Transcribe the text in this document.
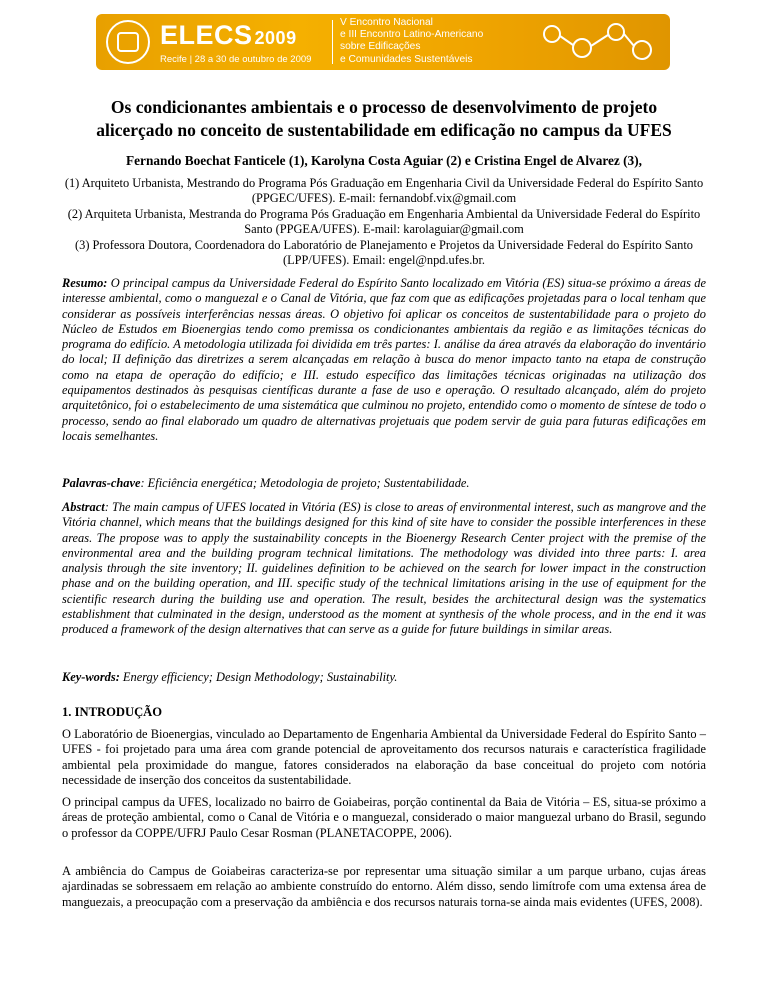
ELECS 2009
Recife | 28 a 30 de outubro de 2009
V Encontro Nacional
e III Encontro Latino-Americano
sobre Edificações
e Comunidades Sustentáveis
Os condicionantes ambientais e o processo de desenvolvimento de projeto
alicerçado no conceito de sustentabilidade em edificação no campus da UFES
Fernando Boechat Fanticele (1), Karolyna Costa Aguiar (2) e Cristina Engel de Alvarez (3),
(1) Arquiteto Urbanista, Mestrando do Programa Pós Graduação em Engenharia Civil da Universidade Federal do Espírito Santo (PPGEC/UFES). E-mail: fernandobf.vix@gmail.com
(2) Arquiteta Urbanista, Mestranda do Programa Pós Graduação em Engenharia Ambiental da Universidade Federal do Espírito Santo (PPGEA/UFES). E-mail: karolaguiar@gmail.com
(3) Professora Doutora, Coordenadora do Laboratório de Planejamento e Projetos da Universidade Federal do Espírito Santo (LPP/UFES). Email: engel@npd.ufes.br.
Resumo: O principal campus da Universidade Federal do Espírito Santo localizado em Vitória (ES) situa-se próximo a áreas de interesse ambiental, como o manguezal e o Canal de Vitória, que faz com que as edificações projetadas para o local tenham que considerar as possíveis interferências nessas áreas. O objetivo foi aplicar os conceitos de sustentabilidade para o projeto do Núcleo de Estudos em Bioenergias tendo como premissa os condicionantes ambientais da região e as limitações técnicas do programa do edifício. A metodologia utilizada foi dividida em três partes: I. análise da área através da elaboração do inventário do local; II definição das diretrizes a serem alcançadas em relação à busca do menor impacto tanto na etapa de construção como na etapa de operação do edifício; e III. estudo específico das limitações técnicas originadas na utilização dos equipamentos destinados às pesquisas científicas durante a fase de uso e operação. O resultado alcançado, além do projeto arquitetônico, foi o estabelecimento de uma sistemática que culminou no projeto, entendido como o momento de síntese de todo o processo, sendo ao final elaborado um quadro de alternativas projetuais que podem servir de guia para futuras edificações em locais semelhantes.
Palavras-chave: Eficiência energética; Metodologia de projeto; Sustentabilidade.
Abstract: The main campus of UFES located in Vitória (ES) is close to areas of environmental interest, such as mangrove and the Vitória channel, which means that the buildings designed for this kind of site have to consider the possible interferences in these areas. The propose was to apply the sustainability concepts in the Bioenergy Research Center project with the premise of the environmental area and the building program technical limitations. The methodology was divided into three parts: I. area analysis through the site inventory; II. guidelines definition to be achieved on the search for lower impact in the construction phase and on the building operation, and III. specific study of the technical limitations arising in the use of equipment for the scientific research during the building use and operation. The result, besides the architectural design was the systematics establishment that culminated in the design, understood as the moment at synthesis of the whole process, and in the end it was produced a framework of the design alternatives that can serve as a guide for future buildings in similar areas.
Key-words: Energy efficiency; Design Methodology; Sustainability.
1. INTRODUÇÃO
O Laboratório de Bioenergias, vinculado ao Departamento de Engenharia Ambiental da Universidade Federal do Espírito Santo – UFES - foi projetado para uma área com grande potencial de aproveitamento dos recursos naturais e característica fragilidade ambiental pela proximidade do mangue, fatores considerados na elaboração da base conceitual do projeto com notória necessidade de inserção dos conceitos da sustentabilidade.
O principal campus da UFES, localizado no bairro de Goiabeiras, porção continental da Baia de Vitória – ES, situa-se próximo a áreas de proteção ambiental, como o Canal de Vitória e o manguezal, considerado o maior manguezal urbano do Brasil, segundo o professor da COPPE/UFRJ Paulo Cesar Rosman (PLANETACOPPE, 2006).
A ambiência do Campus de Goiabeiras caracteriza-se por representar uma situação similar a um parque urbano, cujas áreas ajardinadas se sobressaem em relação ao ambiente construído do entorno. Além disso, sendo limítrofe com uma extensa área de manguezais, a preocupação com a preservação da ambiência e dos recursos naturais torna-se ainda mais evidentes (UFES, 2008).
